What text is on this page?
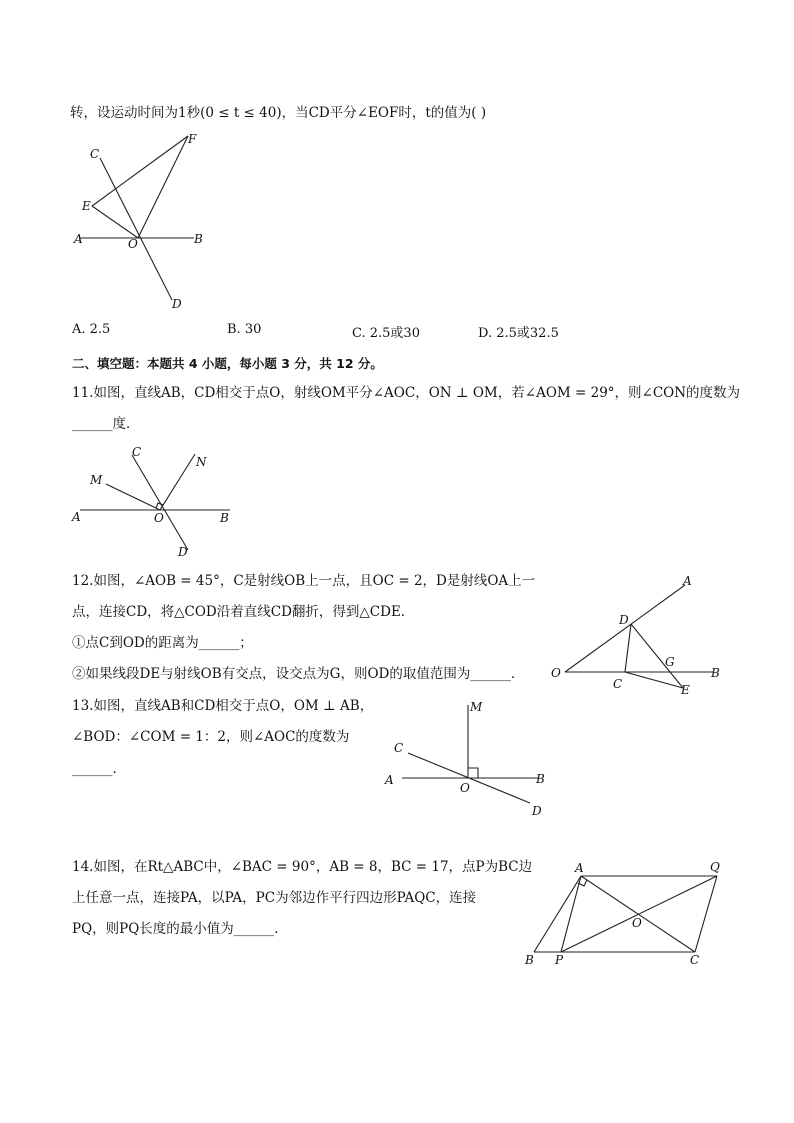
转，设运动时间为1秒(0 ≤ t ≤ 40)，当CD平分∠EOF时，t的值为( )
C
F
E
A	O	B
D
A. 2.5	B. 30	C. 2.5或30	D. 2.5或32.5
二、填空题：本题共 4 小题，每小题 3 分，共 12 分。
11.如图，直线AB，CD相交于点O，射线OM平分∠AOC，ON ⊥ OM，若∠AOM = 29°，则∠CON的度数为
______度．
C
N
M
A	O	B
D
12.如图，∠AOB = 45°，C是射线OB上一点，且OC = 2，D是射线OA上一
点，连接CD，将△COD沿着直线CD翻折，得到△CDE．
①点C到OD的距离为______；
②如果线段DE与射线OB有交点，设交点为G，则OD的取值范围为______．
A
D
G
O
C
B
E
13.如图，直线AB和CD相交于点O，OM ⊥ AB，
∠BOD：∠COM = 1：2，则∠AOC的度数为
______．
M
C
A
O
B
D
14.如图，在Rt△ABC中，∠BAC = 90°，AB = 8，BC = 17，点P为BC边
上任意一点，连接PA，以PA，PC为邻边作平行四边形PAQC，连接
PQ，则PQ长度的最小值为______．
A	Q
O
B P	C
